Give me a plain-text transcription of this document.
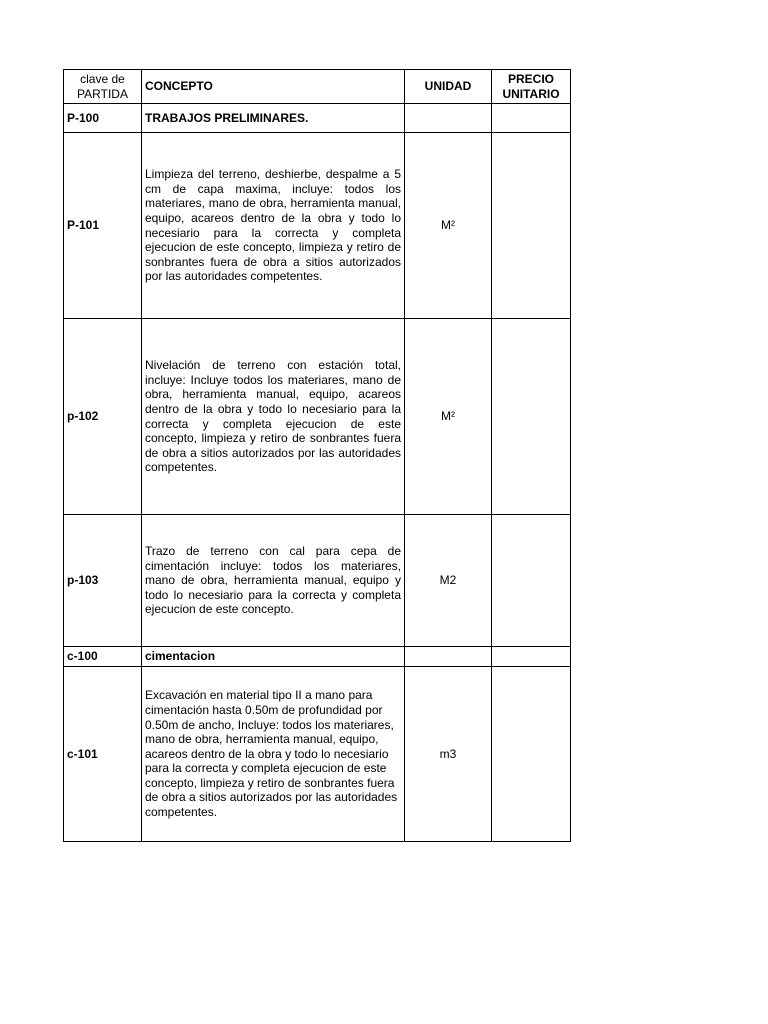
clave de PARTIDA	CONCEPTO	UNIDAD	PRECIO UNITARIO
P-100	TRABAJOS PRELIMINARES.		
P-101	Limpieza del terreno, deshierbe, despalme a 5 cm de capa maxima, incluye: todos los materiares, mano de obra, herramienta manual, equipo, acareos dentro de la obra y todo lo necesiario para la correcta y completa ejecucion de este concepto, limpieza y retiro de sonbrantes fuera de obra a sitios autorizados por las autoridades competentes.	M²	
p-102	Nivelación de terreno con estación total, incluye: Incluye todos los materiares, mano de obra, herramienta manual, equipo, acareos dentro de la obra y todo lo necesiario para la correcta y completa ejecucion de este concepto, limpieza y retiro de sonbrantes fuera de obra a sitios autorizados por las autoridades competentes.	M²	
p-103	Trazo de terreno con cal para cepa de cimentación incluye: todos los materiares, mano de obra, herramienta manual, equipo y todo lo necesiario para la correcta y completa ejecucion de este concepto.	M2	
c-100	cimentacion		
c-101	Excavación en material tipo II a mano para cimentación hasta 0.50m de profundidad por 0.50m de ancho, Incluye: todos los materiares, mano de obra, herramienta manual, equipo, acareos dentro de la obra y todo lo necesiario para la correcta y completa ejecucion de este concepto, limpieza y retiro de sonbrantes fuera de obra a sitios autorizados por las autoridades competentes.	m3	
